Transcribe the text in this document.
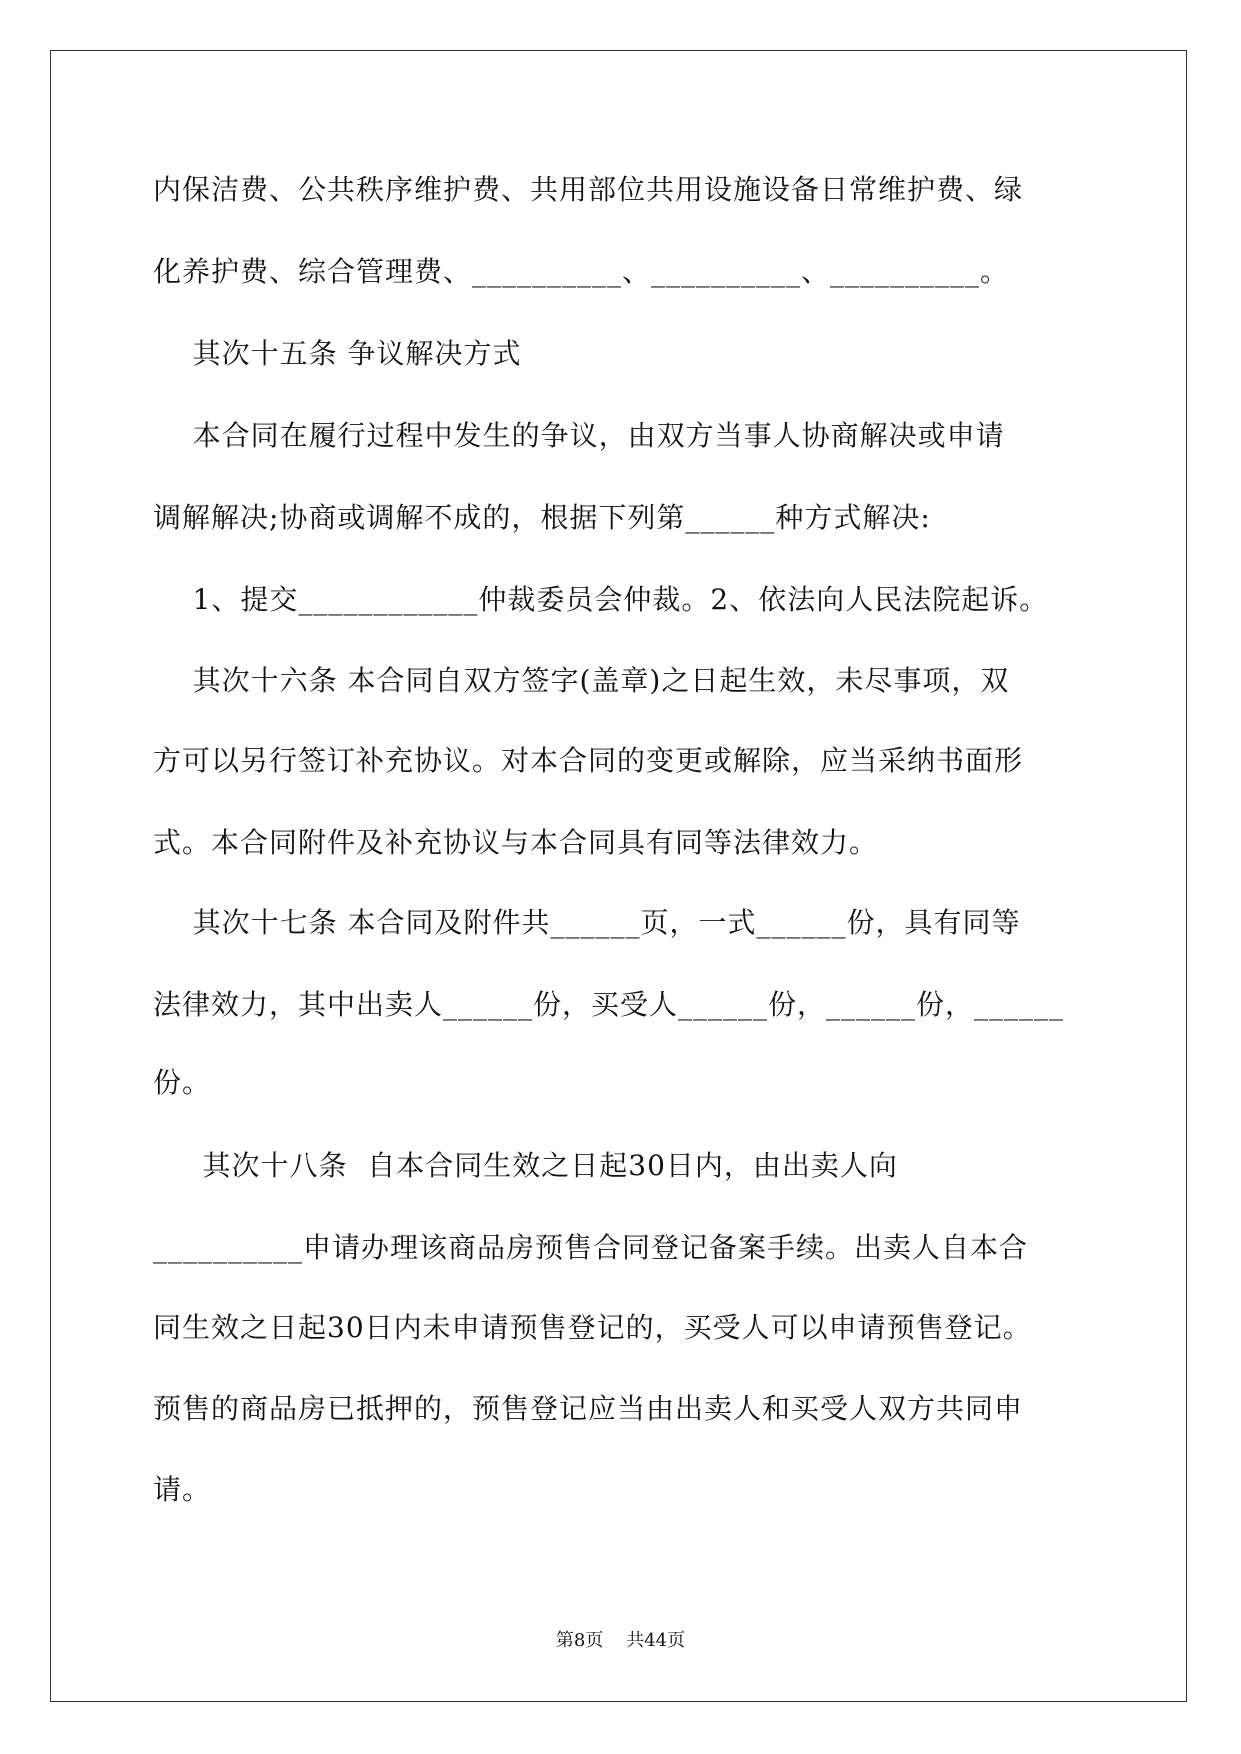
内保洁费、公共秩序维护费、共用部位共用设施设备日常维护费、绿
化养护费、综合管理费、__________、__________、__________。
其次十五条 争议解决方式
本合同在履行过程中发生的争议，由双方当事人协商解决或申请
调解解决;协商或调解不成的，根据下列第______种方式解决:
1、提交____________仲裁委员会仲裁。2、依法向人民法院起诉。
其次十六条 本合同自双方签字(盖章)之日起生效，未尽事项，双
方可以另行签订补充协议。对本合同的变更或解除，应当采纳书面形
式。本合同附件及补充协议与本合同具有同等法律效力。
其次十七条 本合同及附件共______页，一式______份，具有同等
法律效力，其中出卖人______份，买受人______份，______份，______
份。
其次十八条  自本合同生效之日起30日内，由出卖人向
__________申请办理该商品房预售合同登记备案手续。出卖人自本合
同生效之日起30日内未申请预售登记的，买受人可以申请预售登记。
预售的商品房已抵押的，预售登记应当由出卖人和买受人双方共同申
请。
第8页    共44页
